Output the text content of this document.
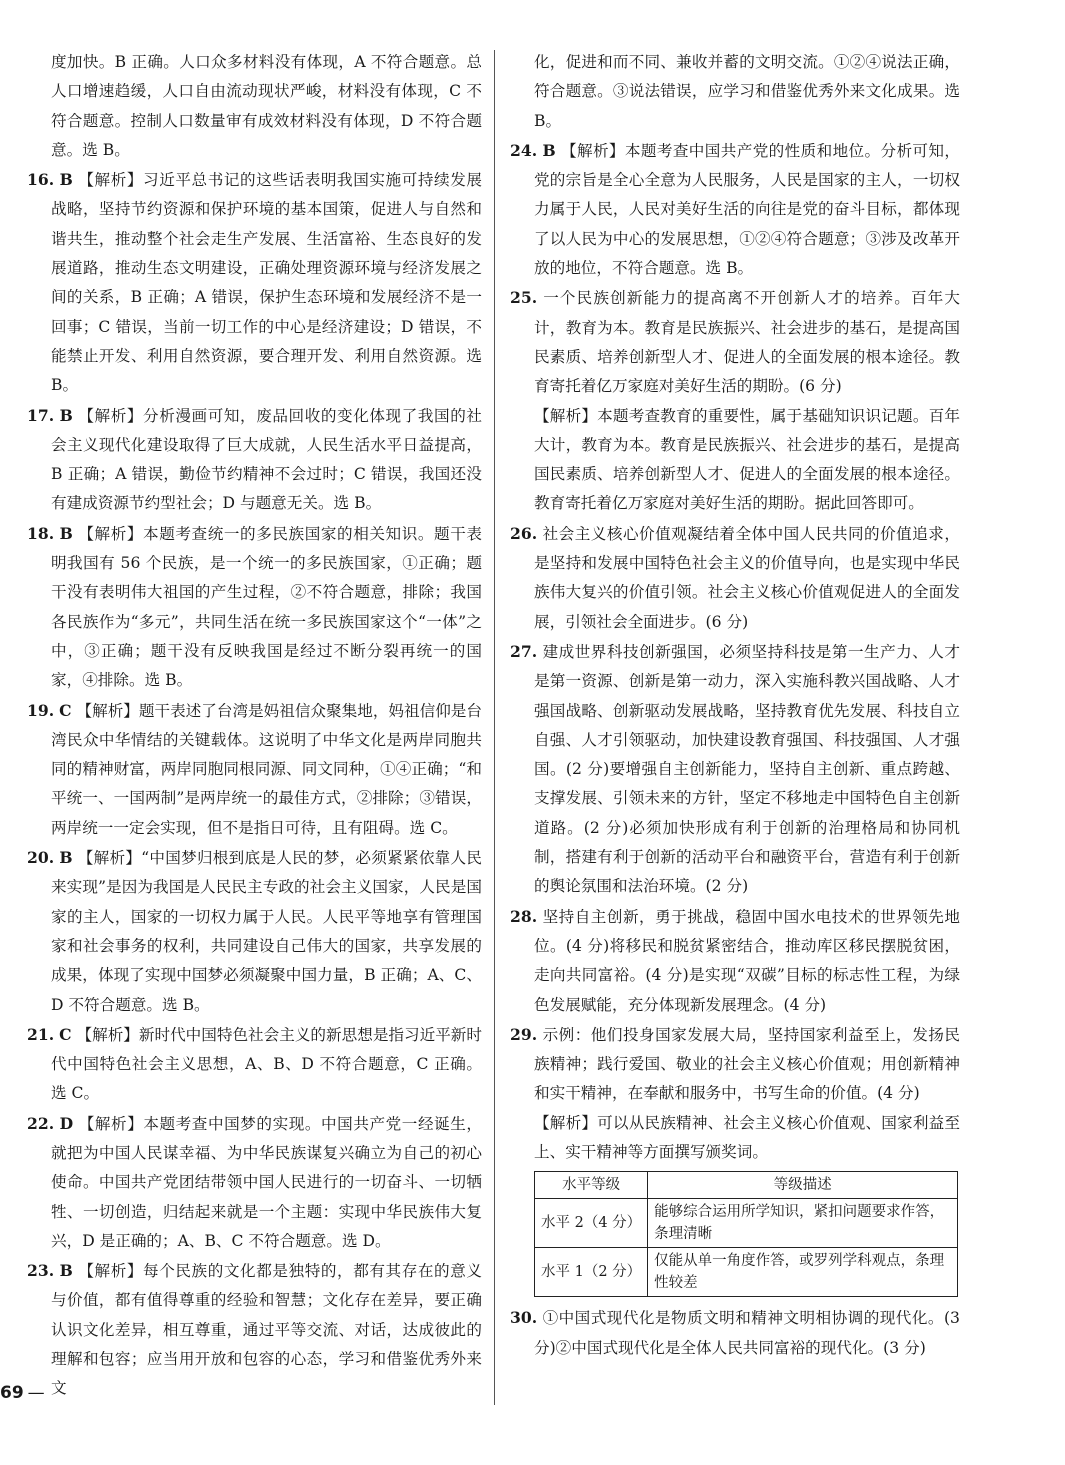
度加快。B 正确。人口众多材料没有体现，A 不符合题意。总人口增速趋缓，人口自由流动现状严峻，材料没有体现，C 不符合题意。控制人口数量审有成效材料没有体现，D 不符合题意。选 B。

16. B 【解析】习近平总书记的这些话表明我国实施可持续发展战略，坚持节约资源和保护环境的基本国策，促进人与自然和谐共生，推动整个社会走生产发展、生活富裕、生态良好的发展道路，推动生态文明建设，正确处理资源环境与经济发展之间的关系，B 正确；A 错误，保护生态环境和发展经济不是一回事；C 错误，当前一切工作的中心是经济建设；D 错误，不能禁止开发、利用自然资源，要合理开发、利用自然资源。选 B。

17. B 【解析】分析漫画可知，废品回收的变化体现了我国的社会主义现代化建设取得了巨大成就，人民生活水平日益提高，B 正确；A 错误，勤俭节约精神不会过时；C 错误，我国还没有建成资源节约型社会；D 与题意无关。选 B。

18. B 【解析】本题考查统一的多民族国家的相关知识。题干表明我国有 56 个民族，是一个统一的多民族国家，①正确；题干没有表明伟大祖国的产生过程，②不符合题意，排除；我国各民族作为“多元”，共同生活在统一多民族国家这个“一体”之中，③正确；题干没有反映我国是经过不断分裂再统一的国家，④排除。选 B。

19. C 【解析】题干表述了台湾是妈祖信众聚集地，妈祖信仰是台湾民众中华情结的关键载体。这说明了中华文化是两岸同胞共同的精神财富，两岸同胞同根同源、同文同种，①④正确；“和平统一、一国两制”是两岸统一的最佳方式，②排除；③错误，两岸统一一定会实现，但不是指日可待，且有阻碍。选 C。

20. B 【解析】“中国梦归根到底是人民的梦，必须紧紧依靠人民来实现”是因为我国是人民民主专政的社会主义国家，人民是国家的主人，国家的一切权力属于人民。人民平等地享有管理国家和社会事务的权利，共同建设自己伟大的国家，共享发展的成果，体现了实现中国梦必须凝聚中国力量，B 正确；A、C、D 不符合题意。选 B。

21. C 【解析】新时代中国特色社会主义的新思想是指习近平新时代中国特色社会主义思想，A、B、D 不符合题意，C 正确。选 C。

22. D 【解析】本题考查中国梦的实现。中国共产党一经诞生，就把为中国人民谋幸福、为中华民族谋复兴确立为自己的初心使命。中国共产党团结带领中国人民进行的一切奋斗、一切牺牲、一切创造，归结起来就是一个主题：实现中华民族伟大复兴，D 是正确的；A、B、C 不符合题意。选 D。

23. B 【解析】每个民族的文化都是独特的，都有其存在的意义与价值，都有值得尊重的经验和智慧；文化存在差异，要正确认识文化差异，相互尊重，通过平等交流、对话，达成彼此的理解和包容；应当用开放和包容的心态，学习和借鉴优秀外来文

化，促进和而不同、兼收并蓄的文明交流。①②④说法正确，符合题意。③说法错误，应学习和借鉴优秀外来文化成果。选 B。

24. B 【解析】本题考查中国共产党的性质和地位。分析可知，党的宗旨是全心全意为人民服务，人民是国家的主人，一切权力属于人民，人民对美好生活的向往是党的奋斗目标，都体现了以人民为中心的发展思想，①②④符合题意；③涉及改革开放的地位，不符合题意。选 B。

25. 一个民族创新能力的提高离不开创新人才的培养。百年大计，教育为本。教育是民族振兴、社会进步的基石，是提高国民素质、培养创新型人才、促进人的全面发展的根本途径。教育寄托着亿万家庭对美好生活的期盼。(6 分)

【解析】本题考查教育的重要性，属于基础知识识记题。百年大计，教育为本。教育是民族振兴、社会进步的基石，是提高国民素质、培养创新型人才、促进人的全面发展的根本途径。教育寄托着亿万家庭对美好生活的期盼。据此回答即可。

26. 社会主义核心价值观凝结着全体中国人民共同的价值追求，是坚持和发展中国特色社会主义的价值导向，也是实现中华民族伟大复兴的价值引领。社会主义核心价值观促进人的全面发展，引领社会全面进步。(6 分)

27. 建成世界科技创新强国，必须坚持科技是第一生产力、人才是第一资源、创新是第一动力，深入实施科教兴国战略、人才强国战略、创新驱动发展战略，坚持教育优先发展、科技自立自强、人才引领驱动，加快建设教育强国、科技强国、人才强国。(2 分)要增强自主创新能力，坚持自主创新、重点跨越、支撑发展、引领未来的方针，坚定不移地走中国特色自主创新道路。(2 分)必须加快形成有利于创新的治理格局和协同机制，搭建有利于创新的活动平台和融资平台，营造有利于创新的舆论氛围和法治环境。(2 分)

28. 坚持自主创新，勇于挑战，稳固中国水电技术的世界领先地位。(4 分)将移民和脱贫紧密结合，推动库区移民摆脱贫困，走向共同富裕。(4 分)是实现“双碳”目标的标志性工程，为绿色发展赋能，充分体现新发展理念。(4 分)

29. 示例：他们投身国家发展大局，坚持国家利益至上，发扬民族精神；践行爱国、敬业的社会主义核心价值观；用创新精神和实干精神，在奉献和服务中，书写生命的价值。(4 分)

【解析】可以从民族精神、社会主义核心价值观、国家利益至上、实干精神等方面撰写颁奖词。

水平等级	等级描述
水平 2（4 分）	能够综合运用所学知识，紧扣问题要求作答，条理清晰
水平 1（2 分）	仅能从单一角度作答，或罗列学科观点，条理性较差

30. ①中国式现代化是物质文明和精神文明相协调的现代化。(3 分)②中国式现代化是全体人民共同富裕的现代化。(3 分)

69 —
